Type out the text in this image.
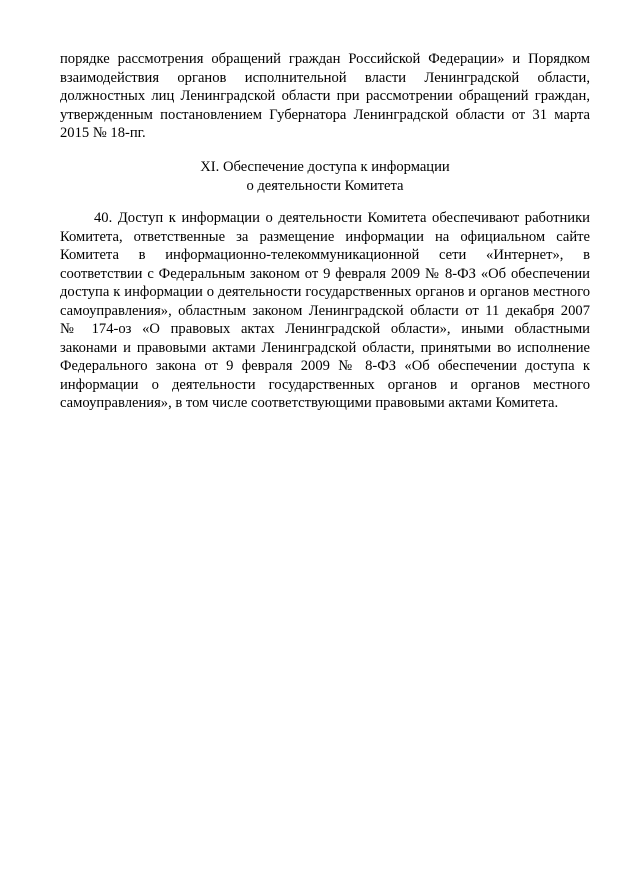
порядке рассмотрения обращений граждан Российской Федерации» и Порядком
взаимодействия органов исполнительной власти Ленинградской области,
должностных лиц Ленинградской области при рассмотрении обращений граждан,
утвержденным постановлением Губернатора Ленинградской области от 31 марта
2015 № 18-пг.
XI. Обеспечение доступа к информации
о деятельности Комитета
40. Доступ к информации о деятельности Комитета обеспечивают работники
Комитета, ответственные за размещение информации на официальном сайте
Комитета в информационно-телекоммуникационной сети «Интернет», в
соответствии с Федеральным законом от 9 февраля 2009 № 8-ФЗ «Об обеспечении
доступа к информации о деятельности государственных органов и органов местного
самоуправления», областным законом Ленинградской области от 11 декабря 2007
№ 174-оз «О правовых актах Ленинградской области», иными областными
законами и правовыми актами Ленинградской области, принятыми во исполнение
Федерального закона от 9 февраля 2009 № 8-ФЗ «Об обеспечении доступа к
информации о деятельности государственных органов и органов местного
самоуправления», в том числе соответствующими правовыми актами Комитета.
